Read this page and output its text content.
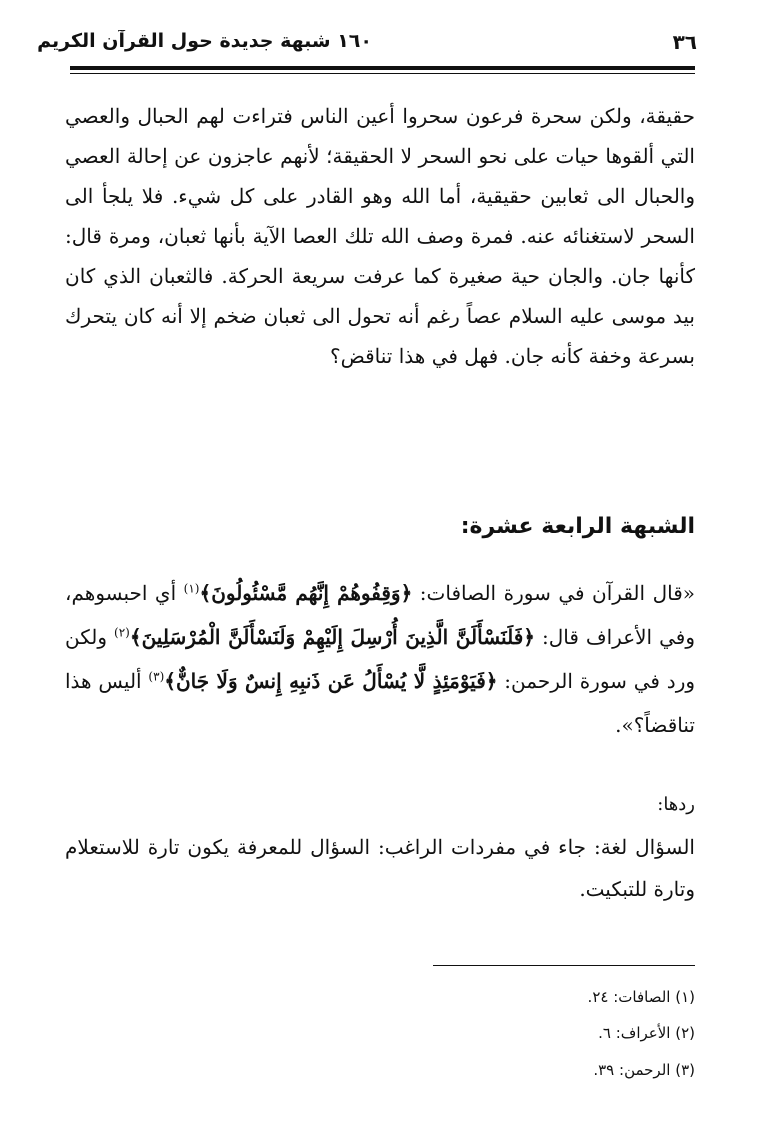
١٦٠ شبهة جديدة حول القرآن الكريم	٣٦

حقيقة، ولكن سحرة فرعون سحروا أعين الناس فتراءت لهم الحبال والعصي التي ألقوها حيات على نحو السحر لا الحقيقة؛ لأنهم عاجزون عن إحالة العصي والحبال الى ثعابين حقيقية، أما الله وهو القادر على كل شيء. فلا يلجأ الى السحر لاستغنائه عنه. فمرة وصف الله تلك العصا الآية بأنها ثعبان، ومرة قال: كأنها جان. والجان حية صغيرة كما عرفت سريعة الحركة. فالثعبان الذي كان بيد موسى عليه السلام عصاً رغم أنه تحول الى ثعبان ضخم إلا أنه كان يتحرك بسرعة وخفة كأنه جان. فهل في هذا تناقض؟

الشبهة الرابعة عشرة:

«قال القرآن في سورة الصافات: ﴿وَقِفُوهُمْ إِنَّهُم مَّسْئُولُونَ﴾$^{(١)}$ أي احبسوهم، وفي الأعراف قال: ﴿فَلَنَسْأَلَنَّ الَّذِينَ أُرْسِلَ إِلَيْهِمْ وَلَنَسْأَلَنَّ الْمُرْسَلِينَ﴾$^{(٢)}$ ولكن ورد في سورة الرحمن: ﴿فَيَوْمَئِذٍ لَّا يُسْأَلُ عَن ذَنبِهِ إِنسٌ وَلَا جَانٌّ﴾$^{(٣)}$ أليس هذا تناقضاً؟».

ردها:

السؤال لغة: جاء في مفردات الراغب: السؤال للمعرفة يكون تارة للاستعلام وتارة للتبكيت.

(١) الصافات: ٢٤.
(٢) الأعراف: ٦.
(٣) الرحمن: ٣٩.
